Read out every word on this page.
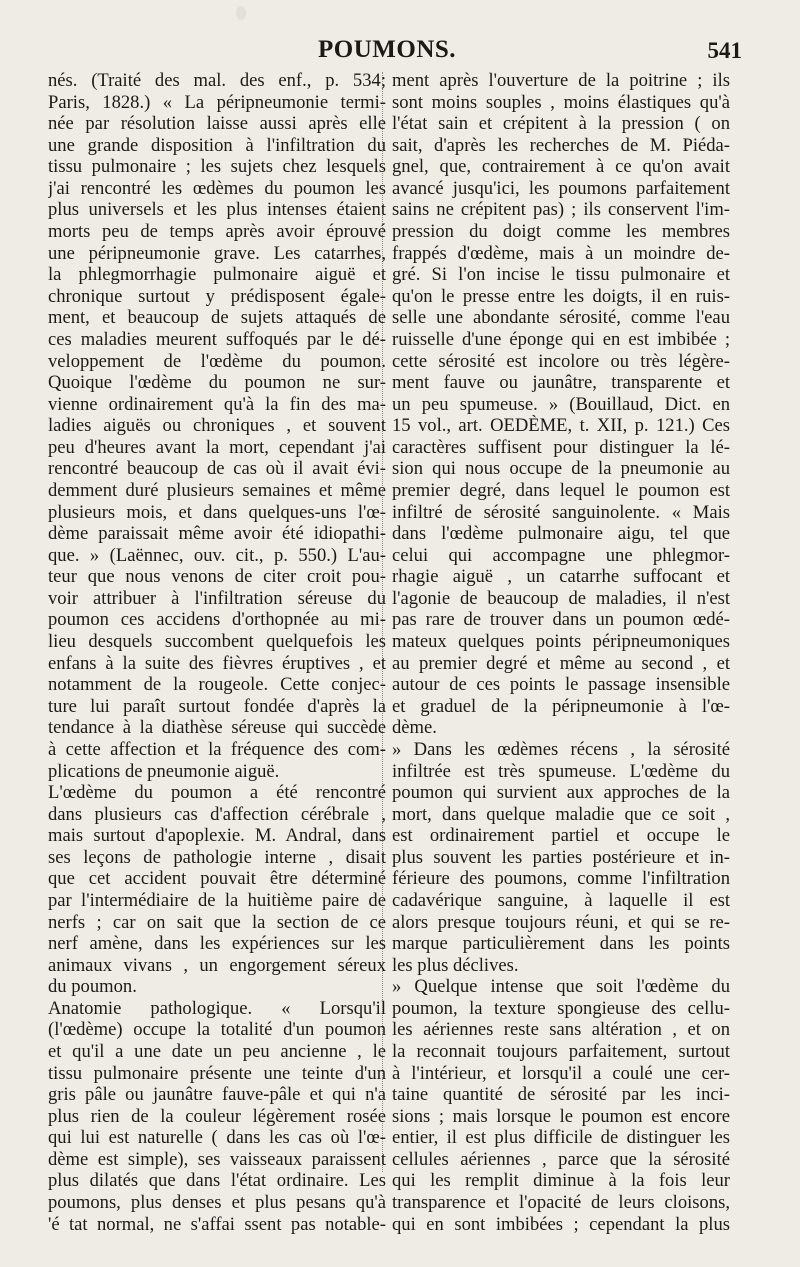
POUMONS.	541
nés. (Traité des mal. des enf., p. 534;
Paris, 1828.) « La péripneumonie termi-
née par résolution laisse aussi après elle
une grande disposition à l'infiltration du
tissu pulmonaire ; les sujets chez lesquels
j'ai rencontré les œdèmes du poumon les
plus universels et les plus intenses étaient
morts peu de temps après avoir éprouvé
une péripneumonie grave. Les catarrhes,
la phlegmorrhagie pulmonaire aiguë et
chronique surtout y prédisposent égale-
ment, et beaucoup de sujets attaqués de
ces maladies meurent suffoqués par le dé-
veloppement de l'œdème du poumon.
Quoique l'œdème du poumon ne sur-
vienne ordinairement qu'à la fin des ma-
ladies aiguës ou chroniques , et souvent
peu d'heures avant la mort, cependant j'ai
rencontré beaucoup de cas où il avait évi-
demment duré plusieurs semaines et même
plusieurs mois, et dans quelques-uns l'œ-
dème paraissait même avoir été idiopathi-
que. » (Laënnec, ouv. cit., p. 550.) L'au-
teur que nous venons de citer croit pou-
voir attribuer à l'infiltration séreuse du
poumon ces accidens d'orthopnée au mi-
lieu desquels succombent quelquefois les
enfans à la suite des fièvres éruptives , et
notamment de la rougeole. Cette conjec-
ture lui paraît surtout fondée d'après la
tendance à la diathèse séreuse qui succède
à cette affection et la fréquence des com-
plications de pneumonie aiguë.
L'œdème du poumon a été rencontré
dans plusieurs cas d'affection cérébrale ,
mais surtout d'apoplexie. M. Andral, dans
ses leçons de pathologie interne , disait
que cet accident pouvait être déterminé
par l'intermédiaire de la huitième paire de
nerfs ; car on sait que la section de ce
nerf amène, dans les expériences sur les
animaux vivans , un engorgement séreux
du poumon.
Anatomie pathologique. « Lorsqu'il
(l'œdème) occupe la totalité d'un poumon
et qu'il a une date un peu ancienne , le
tissu pulmonaire présente une teinte d'un
gris pâle ou jaunâtre fauve-pâle et qui n'a
plus rien de la couleur légèrement rosée
qui lui est naturelle ( dans les cas où l'œ-
dème est simple), ses vaisseaux paraissent
plus dilatés que dans l'état ordinaire. Les
poumons, plus denses et plus pesans qu'à
'é tat normal, ne s'affai ssent pas notable-
ment après l'ouverture de la poitrine ; ils
sont moins souples , moins élastiques qu'à
l'état sain et crépitent à la pression ( on
sait, d'après les recherches de M. Piéda-
gnel, que, contrairement à ce qu'on avait
avancé jusqu'ici, les poumons parfaitement
sains ne crépitent pas) ; ils conservent l'im-
pression du doigt comme les membres
frappés d'œdème, mais à un moindre de-
gré. Si l'on incise le tissu pulmonaire et
qu'on le presse entre les doigts, il en ruis-
selle une abondante sérosité, comme l'eau
ruisselle d'une éponge qui en est imbibée ;
cette sérosité est incolore ou très légère-
ment fauve ou jaunâtre, transparente et
un peu spumeuse. » (Bouillaud, Dict. en
15 vol., art. OEDÈME, t. XII, p. 121.) Ces
caractères suffisent pour distinguer la lé-
sion qui nous occupe de la pneumonie au
premier degré, dans lequel le poumon est
infiltré de sérosité sanguinolente. « Mais
dans l'œdème pulmonaire aigu, tel que
celui qui accompagne une phlegmor-
rhagie aiguë , un catarrhe suffocant et
l'agonie de beaucoup de maladies, il n'est
pas rare de trouver dans un poumon œdé-
mateux quelques points péripneumoniques
au premier degré et même au second , et
autour de ces points le passage insensible
et graduel de la péripneumonie à l'œ-
dème.
» Dans les œdèmes récens , la sérosité
infiltrée est très spumeuse. L'œdème du
poumon qui survient aux approches de la
mort, dans quelque maladie que ce soit ,
est ordinairement partiel et occupe le
plus souvent les parties postérieure et in-
férieure des poumons, comme l'infiltration
cadavérique sanguine, à laquelle il est
alors presque toujours réuni, et qui se re-
marque particulièrement dans les points
les plus déclives.
» Quelque intense que soit l'œdème du
poumon, la texture spongieuse des cellu-
les aériennes reste sans altération , et on
la reconnait toujours parfaitement, surtout
à l'intérieur, et lorsqu'il a coulé une cer-
taine quantité de sérosité par les inci-
sions ; mais lorsque le poumon est encore
entier, il est plus difficile de distinguer les
cellules aériennes , parce que la sérosité
qui les remplit diminue à la fois leur
transparence et l'opacité de leurs cloisons,
qui en sont imbibées ; cependant la plus
